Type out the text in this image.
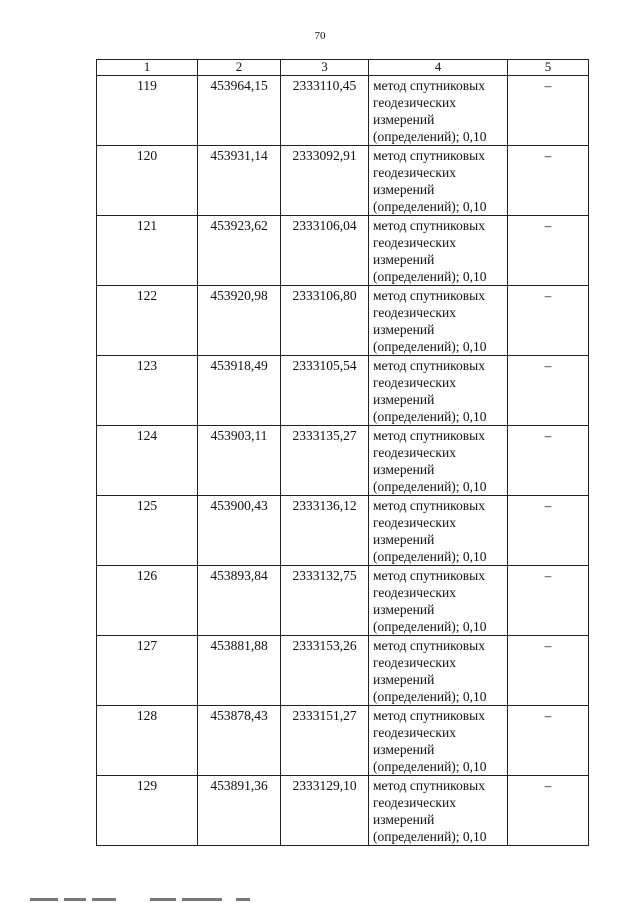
70
1	2	3	4	5
119	453964,15	2333110,45	метод спутниковых
геодезических
измерений
(определений); 0,10	–
120	453931,14	2333092,91	метод спутниковых
геодезических
измерений
(определений); 0,10	–
121	453923,62	2333106,04	метод спутниковых
геодезических
измерений
(определений); 0,10	–
122	453920,98	2333106,80	метод спутниковых
геодезических
измерений
(определений); 0,10	–
123	453918,49	2333105,54	метод спутниковых
геодезических
измерений
(определений); 0,10	–
124	453903,11	2333135,27	метод спутниковых
геодезических
измерений
(определений); 0,10	–
125	453900,43	2333136,12	метод спутниковых
геодезических
измерений
(определений); 0,10	–
126	453893,84	2333132,75	метод спутниковых
геодезических
измерений
(определений); 0,10	–
127	453881,88	2333153,26	метод спутниковых
геодезических
измерений
(определений); 0,10	–
128	453878,43	2333151,27	метод спутниковых
геодезических
измерений
(определений); 0,10	–
129	453891,36	2333129,10	метод спутниковых
геодезических
измерений
(определений); 0,10	–
